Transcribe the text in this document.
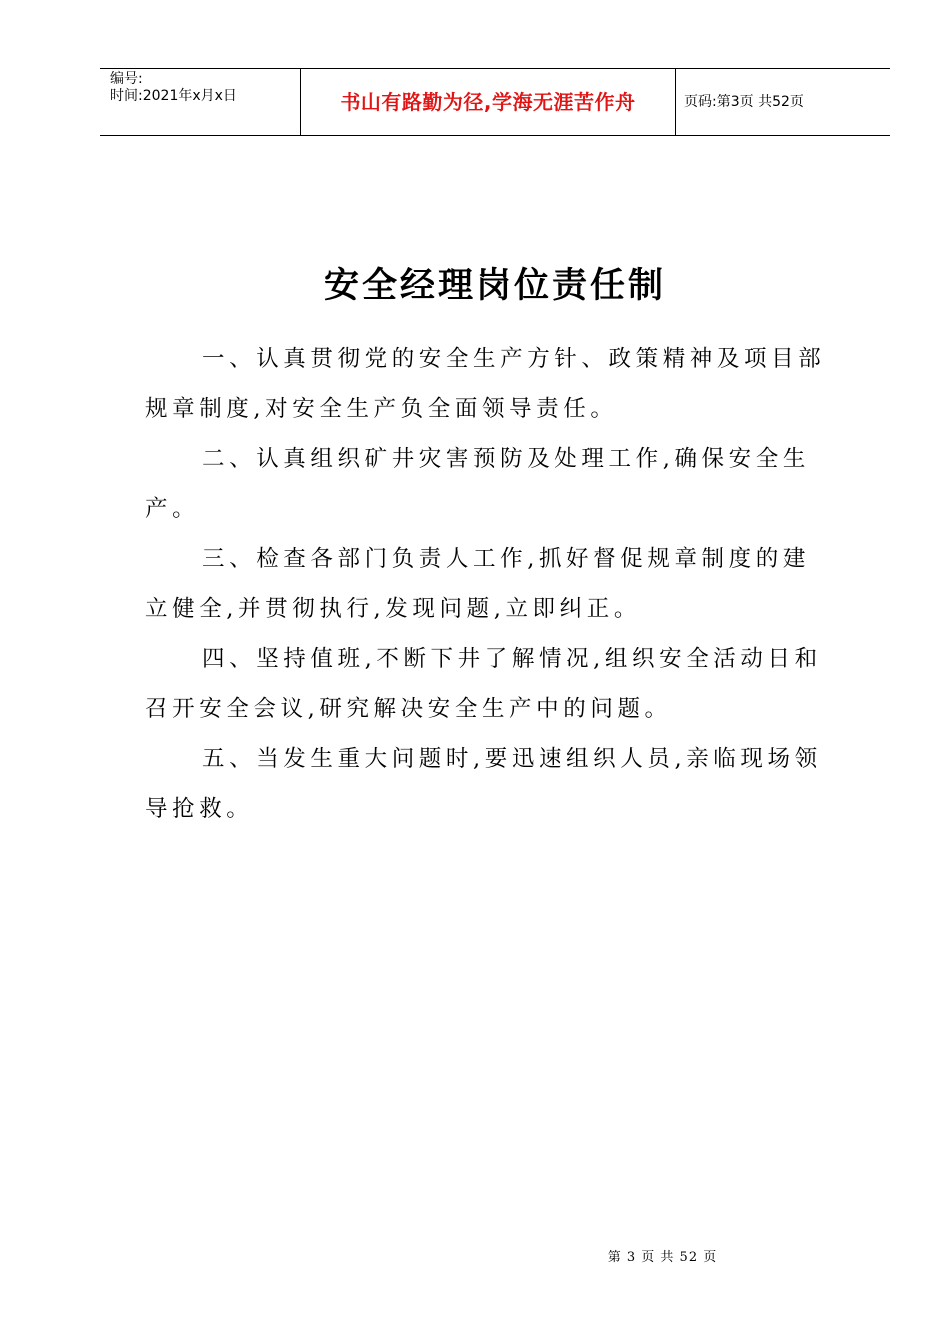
编号:
时间:2021年x月x日	书山有路勤为径,学海无涯苦作舟	页码:第3页 共52页
安全经理岗位责任制

一、认真贯彻党的安全生产方针、政策精神及项目部规章制度,对安全生产负全面领导责任。

二、认真组织矿井灾害预防及处理工作,确保安全生产。

三、检查各部门负责人工作,抓好督促规章制度的建立健全,并贯彻执行,发现问题,立即纠正。

四、坚持值班,不断下井了解情况,组织安全活动日和召开安全会议,研究解决安全生产中的问题。

五、当发生重大问题时,要迅速组织人员,亲临现场领导抢救。

第 3 页 共 52 页
